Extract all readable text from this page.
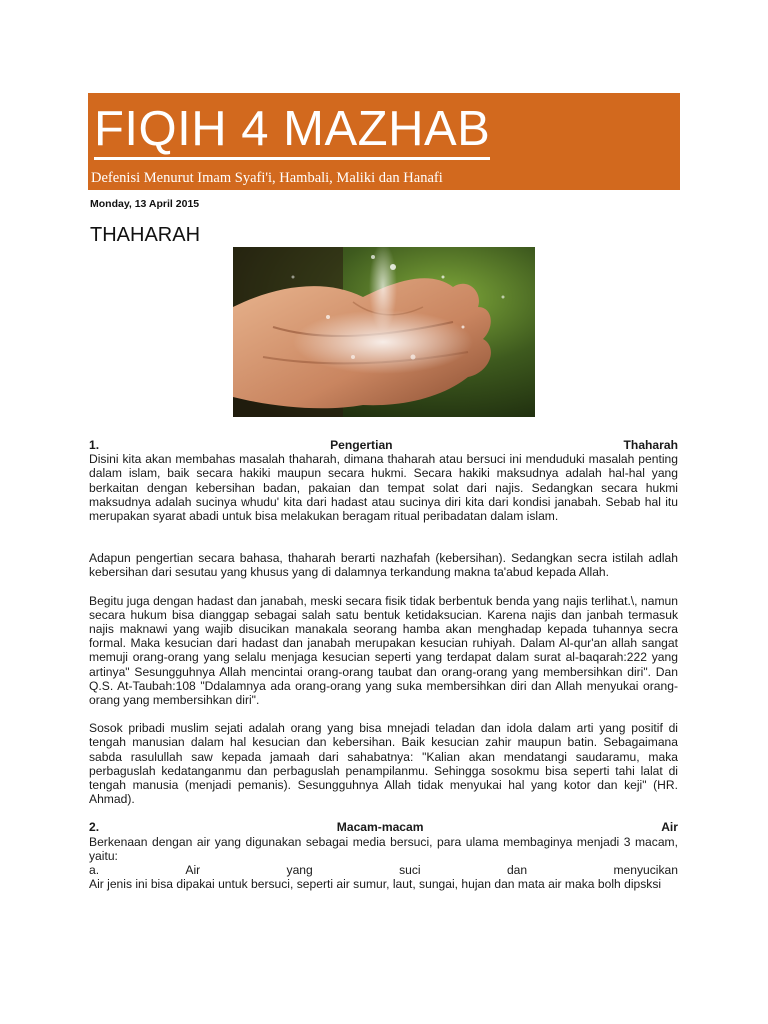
FIQIH 4 MAZHAB
Defenisi Menurut Imam Syafi'i, Hambali, Maliki dan Hanafi
Monday, 13 April 2015
THAHARAH
1.	Pengertian	Thaharah

Disini kita akan membahas masalah thaharah, dimana thaharah atau bersuci ini menduduki masalah penting dalam islam, baik secara hakiki maupun secara hukmi. Secara hakiki maksudnya adalah hal-hal yang berkaitan dengan kebersihan badan, pakaian dan tempat solat dari najis. Sedangkan secara hukmi maksudnya adalah sucinya whudu' kita dari hadast atau sucinya diri kita dari kondisi janabah. Sebab hal itu merupakan syarat abadi untuk bisa melakukan beragam ritual peribadatan dalam islam.

Adapun pengertian secara bahasa, thaharah berarti nazhafah (kebersihan). Sedangkan secra istilah adlah kebersihan dari sesutau yang khusus yang di dalamnya terkandung makna ta'abud kepada Allah.

Begitu juga dengan hadast dan janabah, meski secara fisik tidak berbentuk benda yang najis terlihat.\, namun secara hukum bisa dianggap sebagai salah satu bentuk ketidaksucian. Karena najis dan janbah termasuk najis maknawi yang wajib disucikan manakala seorang hamba akan menghadap kepada tuhannya secra formal. Maka kesucian dari hadast dan janabah merupakan kesucian ruhiyah. Dalam Al-qur'an allah sangat memuji orang-orang yang selalu menjaga kesucian seperti yang terdapat dalam surat al-baqarah:222 yang artinya" Sesungguhnya Allah mencintai orang-orang taubat dan orang-orang yang membersihkan diri". Dan Q.S. At-Taubah:108 "Ddalamnya ada orang-orang yang suka membersihkan diri dan Allah menyukai orang-orang yang membersihkan diri".

Sosok pribadi muslim sejati adalah orang yang bisa mnejadi teladan dan idola dalam arti yang positif di tengah manusian dalam hal kesucian dan kebersihan. Baik kesucian zahir maupun batin. Sebagaimana sabda rasulullah saw kepada jamaah dari sahabatnya: "Kalian akan mendatangi saudaramu, maka perbaguslah kedatanganmu dan perbaguslah penampilanmu. Sehingga sosokmu bisa seperti tahi lalat di tengah manusia (menjadi pemanis). Sesungguhnya Allah tidak menyukai hal yang kotor dan keji" (HR. Ahmad).

2.	Macam-macam	Air

Berkenaan dengan air yang digunakan sebagai media bersuci, para ulama membaginya menjadi 3 macam, yaitu:

a.	Air	yang	suci	dan	menyucikan

Air jenis ini bisa dipakai untuk bersuci, seperti air sumur, laut, sungai, hujan dan mata air maka bolh dipsksi
